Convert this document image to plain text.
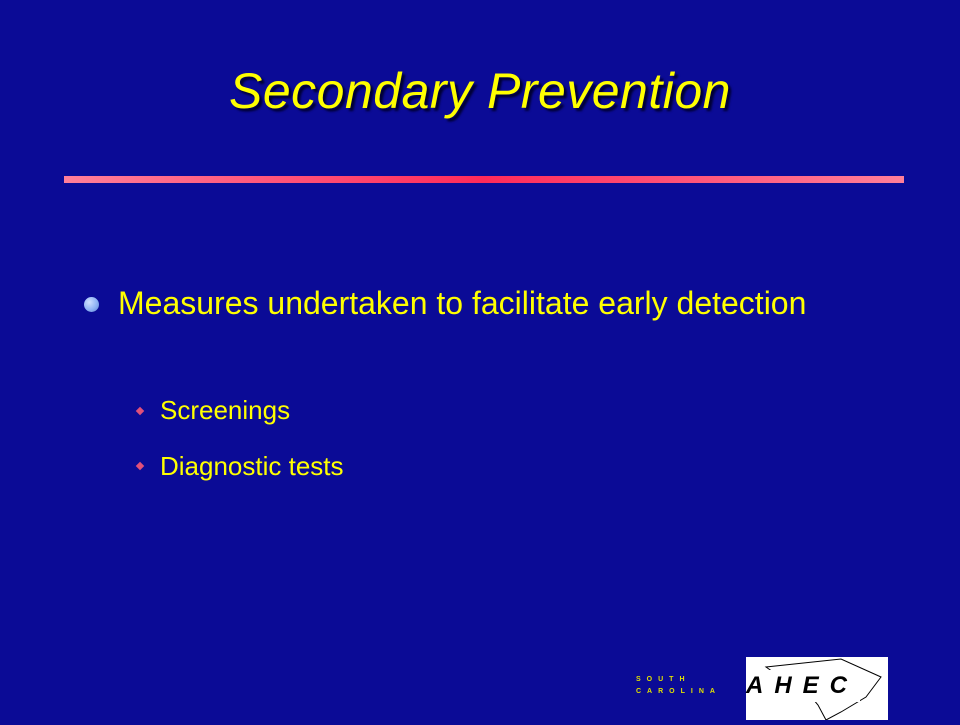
Secondary Prevention
Measures undertaken to facilitate early detection
Screenings
Diagnostic tests
SOUTH
CAROLINA AHEC
